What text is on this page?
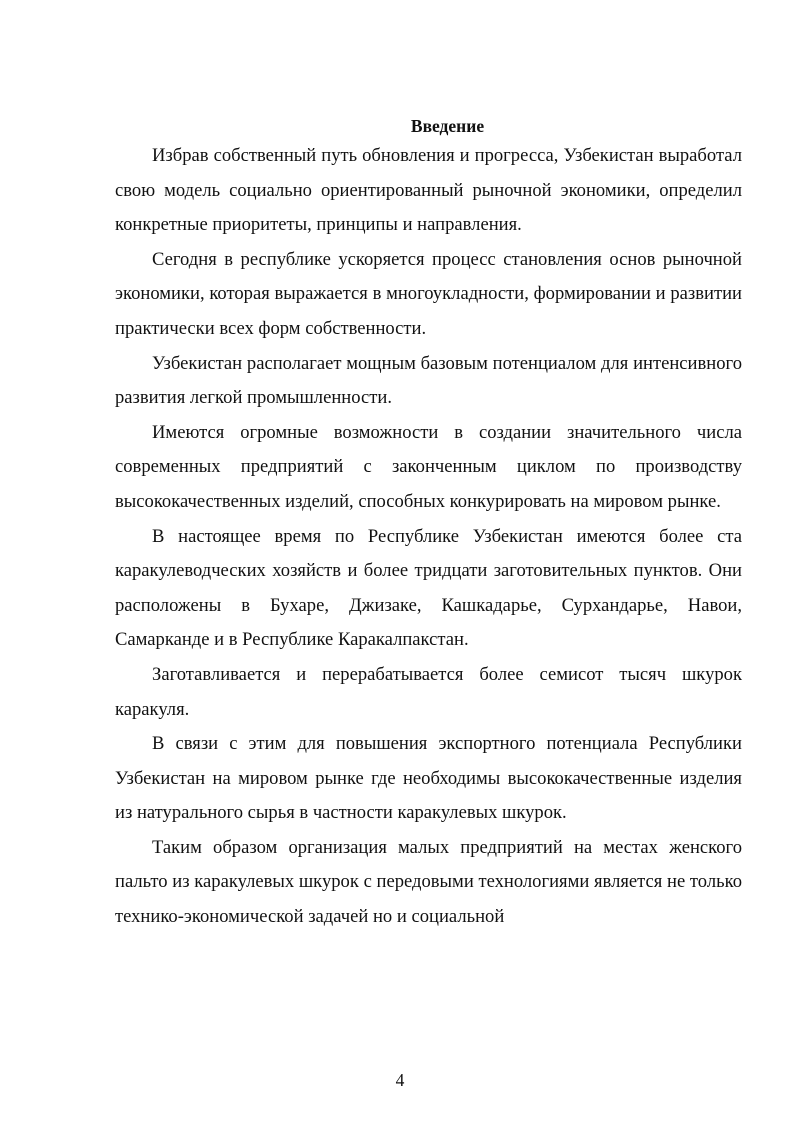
Введение

Избрав собственный путь обновления и прогресса, Узбекистан выработал свою модель социально ориентированный рыночной экономики, определил конкретные приоритеты, принципы и направления.

Сегодня в республике ускоряется процесс становления основ рыночной экономики, которая выражается в многоукладности, формировании и развитии практически всех форм собственности.

Узбекистан располагает мощным базовым потенциалом для интенсивного развития легкой промышленности.

Имеются огромные возможности в создании значительного числа современных предприятий с законченным циклом по производству высококачественных изделий, способных конкурировать на мировом рынке.

В настоящее время по Республике Узбекистан имеются более ста каракулеводческих хозяйств и более тридцати заготовительных пунктов. Они расположены в Бухаре, Джизаке, Кашкадарье, Сурхандарье, Навои, Самарканде и в Республике Каракалпакстан.

Заготавливается и перерабатывается более семисот тысяч шкурок каракуля.

В связи с этим для повышения экспортного потенциала Республики Узбекистан на мировом рынке где необходимы высококачественные изделия из натурального сырья в частности каракулевых шкурок.

Таким образом организация малых предприятий на местах женского пальто из каракулевых шкурок с передовыми технологиями является не только технико-экономической задачей но и социальной

4
